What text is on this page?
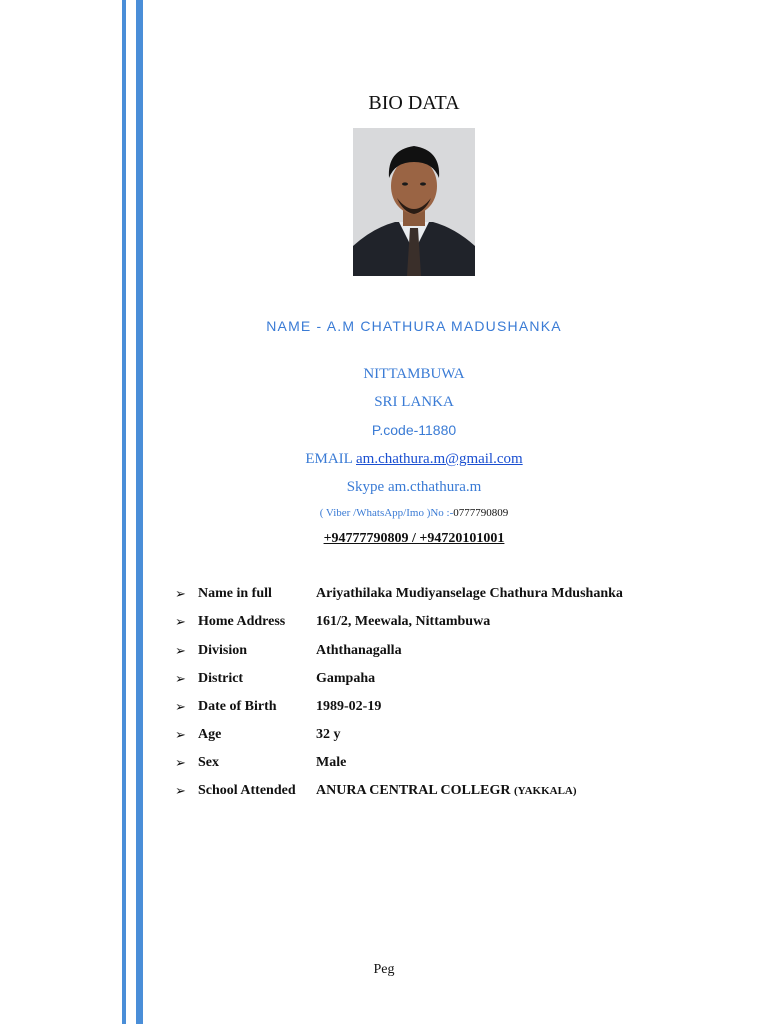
BIO DATA
NAME - A.M CHATHURA MADUSHANKA
NITTAMBUWA
SRI LANKA
P.code-11880
EMAIL am.chathura.m@gmail.com
Skype am.cthathura.m
( Viber /WhatsApp/Imo )No :-0777790809
+94777790809 / +94720101001
➢ Name in full	Ariyathilaka Mudiyanselage Chathura Mdushanka
➢ Home Address 161/2, Meewala, Nittambuwa
➢ Division	Aththanagalla
➢ District	Gampaha
➢ Date of Birth	1989-02-19
➢ Age	32 y
➢ Sex	Male
➢ School Attended ANURA CENTRAL COLLEGR (YAKKALA)
Peg
